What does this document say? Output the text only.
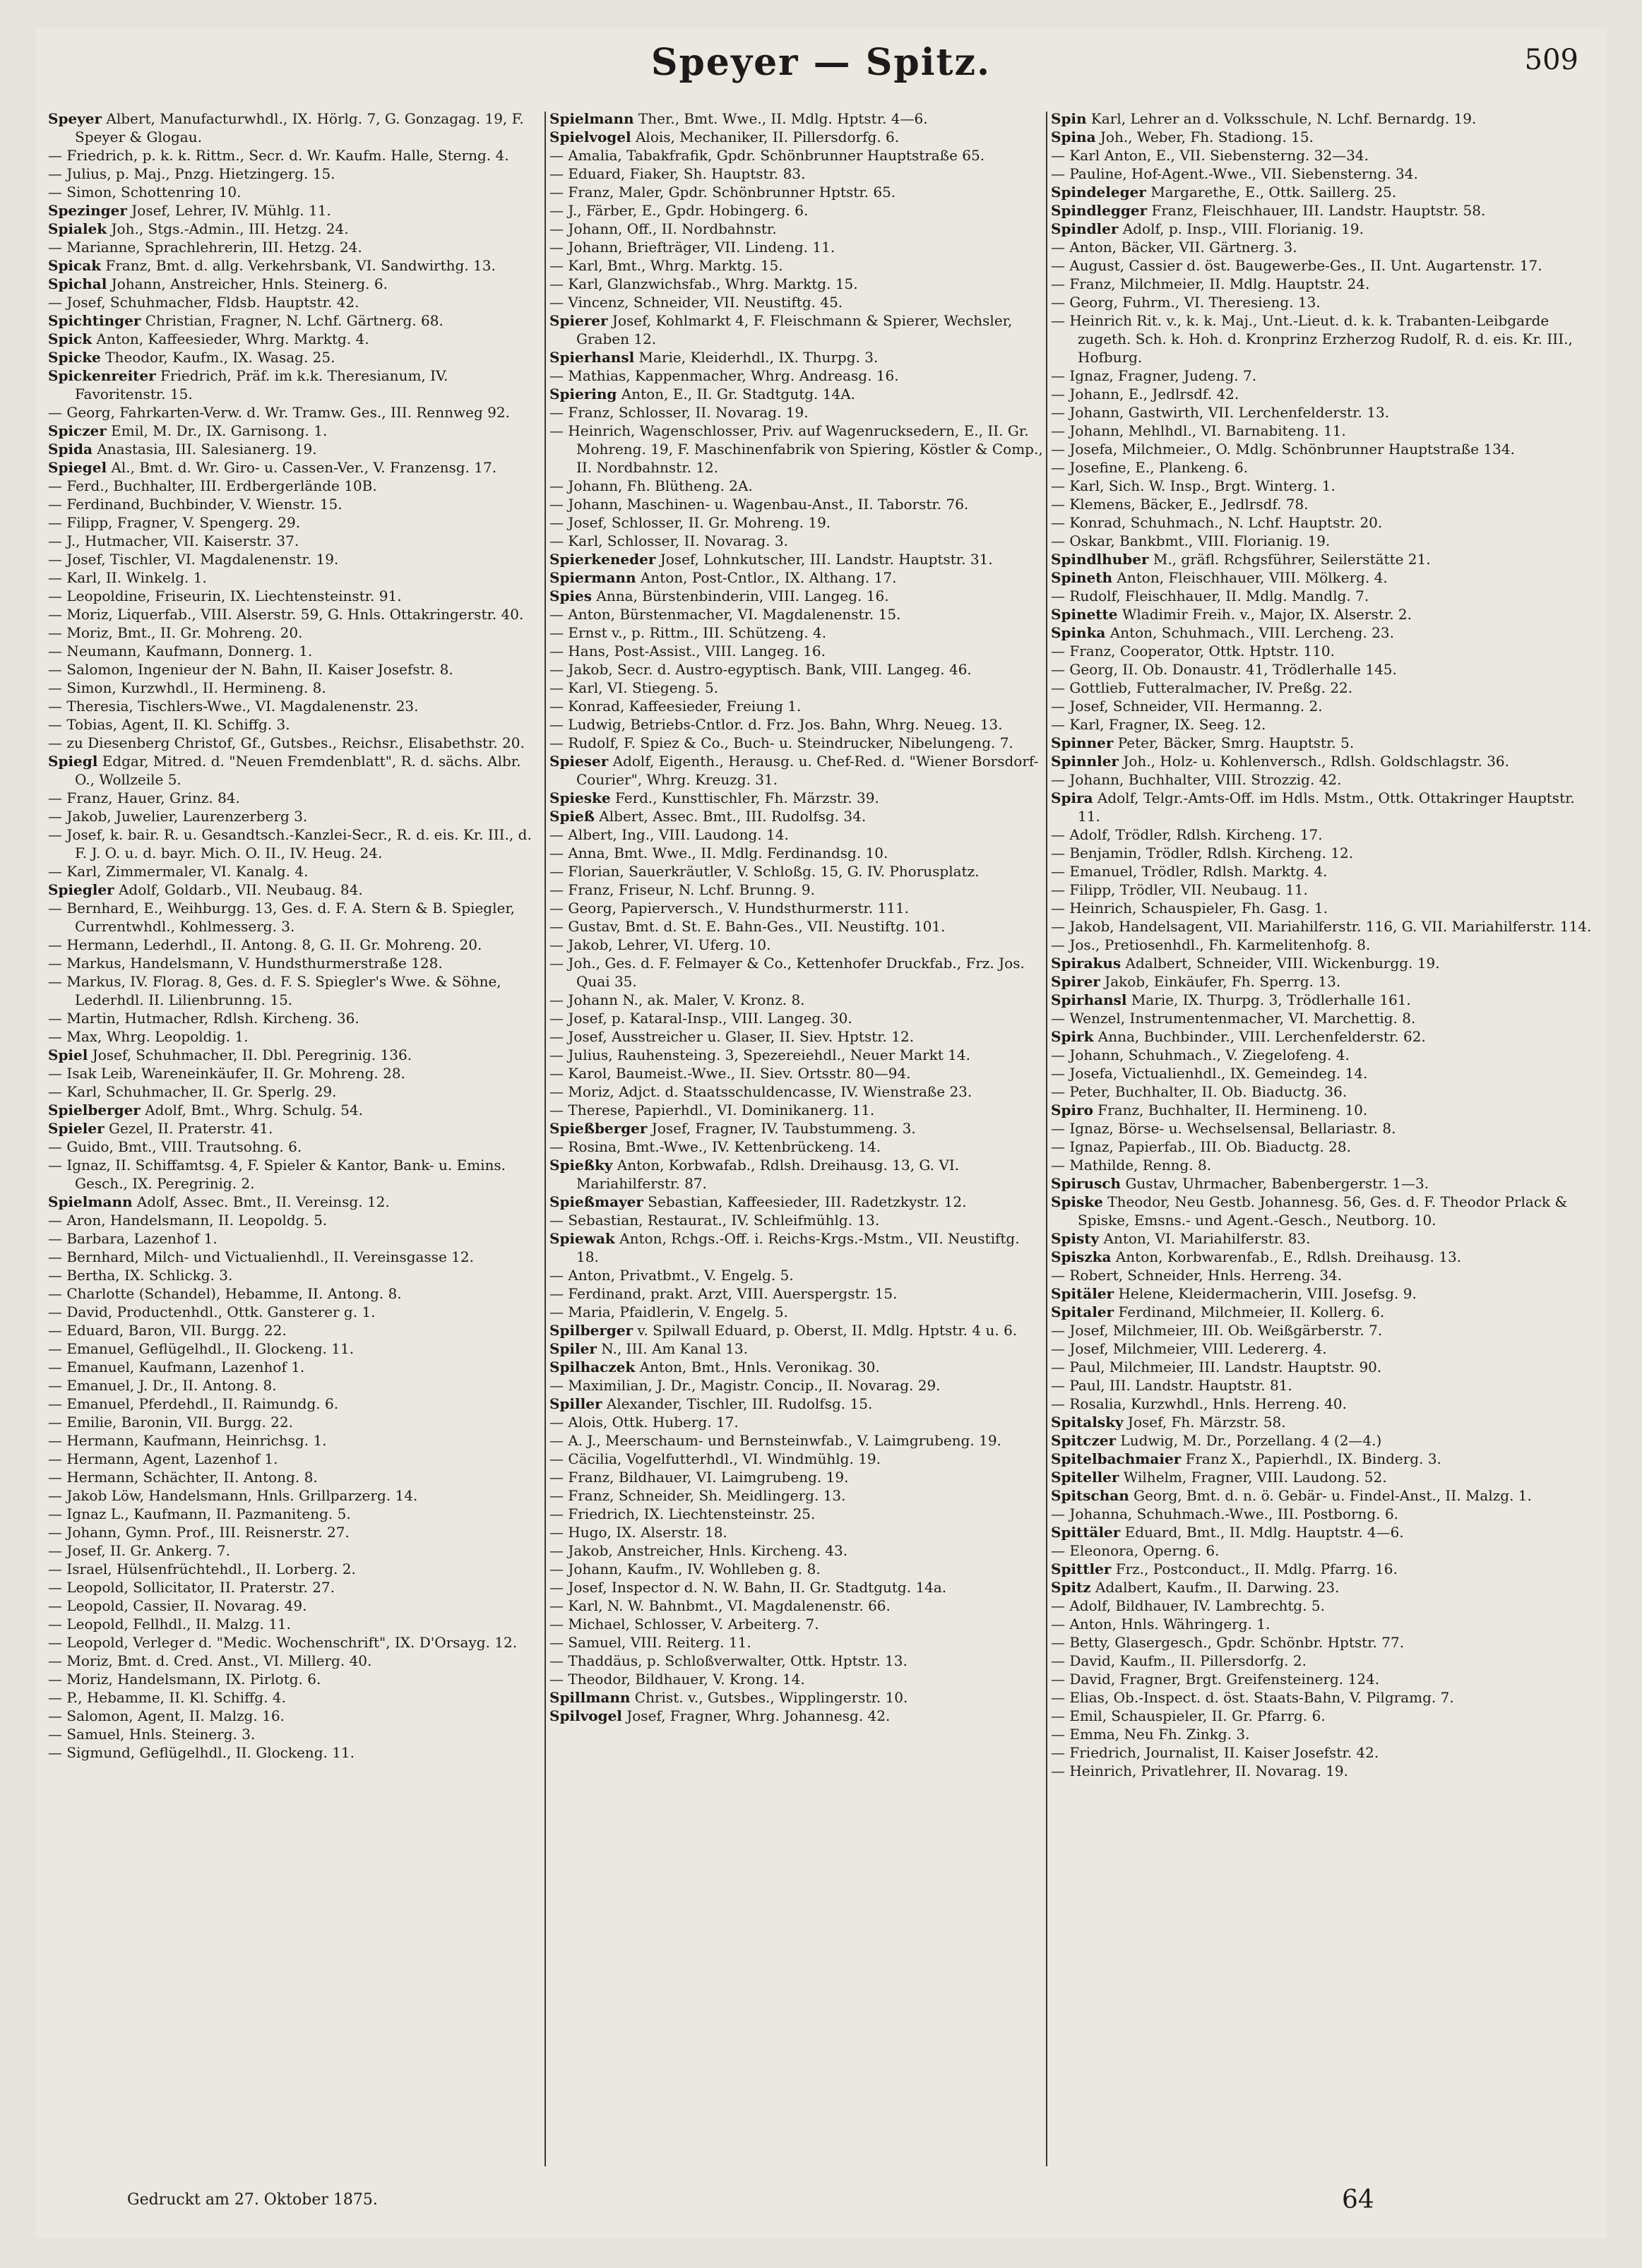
Speyer — Spitz.	509

Speyer Albert, Manufacturwhdl., IX. Hörlg. 7, G. Gonzagag. 19, F. Speyer & Glogau.

— Friedrich, p. k. k. Rittm., Secr. d. Wr. Kaufm. Halle, Sterng. 4.

— Julius, p. Maj., Pnzg. Hietzingerg. 15.

— Simon, Schottenring 10.

Spezinger Josef, Lehrer, IV. Mühlg. 11.

Spialek Joh., Stgs.-Admin., III. Hetzg. 24.

— Marianne, Sprachlehrerin, III. Hetzg. 24.

Spicak Franz, Bmt. d. allg. Verkehrsbank, VI. Sandwirthg. 13.

Spichal Johann, Anstreicher, Hnls. Steinerg. 6.

— Josef, Schuhmacher, Fldsb. Hauptstr. 42.

Spichtinger Christian, Fragner, N. Lchf. Gärtnerg. 68.

Spick Anton, Kaffeesieder, Whrg. Marktg. 4.

Spicke Theodor, Kaufm., IX. Wasag. 25.

Spickenreiter Friedrich, Präf. im k.k. Theresianum, IV. Favoritenstr. 15.

— Georg, Fahrkarten-Verw. d. Wr. Tramw. Ges., III. Rennweg 92.

Spiczer Emil, M. Dr., IX. Garnisong. 1.

Spida Anastasia, III. Salesianerg. 19.

Spiegel Al., Bmt. d. Wr. Giro- u. Cassen-Ver., V. Franzensg. 17.

— Ferd., Buchhalter, III. Erdbergerlände 10B.

— Ferdinand, Buchbinder, V. Wienstr. 15.

— Filipp, Fragner, V. Spengerg. 29.

— J., Hutmacher, VII. Kaiserstr. 37.

— Josef, Tischler, VI. Magdalenenstr. 19.

— Karl, II. Winkelg. 1.

— Leopoldine, Friseurin, IX. Liechtensteinstr. 91.

— Moriz, Liquerfab., VIII. Alserstr. 59, G. Hnls. Ottakringerstr. 40.

— Moriz, Bmt., II. Gr. Mohreng. 20.

— Neumann, Kaufmann, Donnerg. 1.

— Salomon, Ingenieur der N. Bahn, II. Kaiser Josefstr. 8.

— Simon, Kurzwhdl., II. Hermineng. 8.

— Theresia, Tischlers-Wwe., VI. Magdalenenstr. 23.

— Tobias, Agent, II. Kl. Schiffg. 3.

— zu Diesenberg Christof, Gf., Gutsbes., Reichsr., Elisabethstr. 20.

Spiegl Edgar, Mitred. d. "Neuen Fremdenblatt", R. d. sächs. Albr. O., Wollzeile 5.

— Franz, Hauer, Grinz. 84.

— Jakob, Juwelier, Laurenzerberg 3.

— Josef, k. bair. R. u. Gesandtsch.-Kanzlei-Secr., R. d. eis. Kr. III., d. F. J. O. u. d. bayr. Mich. O. II., IV. Heug. 24.

— Karl, Zimmermaler, VI. Kanalg. 4.

Spiegler Adolf, Goldarb., VII. Neubaug. 84.

— Bernhard, E., Weihburgg. 13, Ges. d. F. A. Stern & B. Spiegler, Currentwhdl., Kohlmesserg. 3.

— Hermann, Lederhdl., II. Antong. 8, G. II. Gr. Mohreng. 20.

— Markus, Handelsmann, V. Hundsthurmerstraße 128.

— Markus, IV. Florag. 8, Ges. d. F. S. Spiegler's Wwe. & Söhne, Lederhdl. II. Lilienbrunng. 15.

— Martin, Hutmacher, Rdlsh. Kircheng. 36.

— Max, Whrg. Leopoldig. 1.

Spiel Josef, Schuhmacher, II. Dbl. Peregrinig. 136.

— Isak Leib, Wareneinkäufer, II. Gr. Mohreng. 28.

— Karl, Schuhmacher, II. Gr. Sperlg. 29.

Spielberger Adolf, Bmt., Whrg. Schulg. 54.

Spieler Gezel, II. Praterstr. 41.

— Guido, Bmt., VIII. Trautsohng. 6.

— Ignaz, II. Schiffamtsg. 4, F. Spieler & Kantor, Bank- u. Emins. Gesch., IX. Peregrinig. 2.

Spielmann Adolf, Assec. Bmt., II. Vereinsg. 12.

— Aron, Handelsmann, II. Leopoldg. 5.

— Barbara, Lazenhof 1.

— Bernhard, Milch- und Victualienhdl., II. Vereinsgasse 12.

— Bertha, IX. Schlickg. 3.

— Charlotte (Schandel), Hebamme, II. Antong. 8.

— David, Productenhdl., Ottk. Gansterer g. 1.

— Eduard, Baron, VII. Burgg. 22.

— Emanuel, Geflügelhdl., II. Glockeng. 11.

— Emanuel, Kaufmann, Lazenhof 1.

— Emanuel, J. Dr., II. Antong. 8.

— Emanuel, Pferdehdl., II. Raimundg. 6.

— Emilie, Baronin, VII. Burgg. 22.

— Hermann, Kaufmann, Heinrichsg. 1.

— Hermann, Agent, Lazenhof 1.

— Hermann, Schächter, II. Antong. 8.

— Jakob Löw, Handelsmann, Hnls. Grillparzerg. 14.

— Ignaz L., Kaufmann, II. Pazmaniteng. 5.

— Johann, Gymn. Prof., III. Reisnerstr. 27.

— Josef, II. Gr. Ankerg. 7.

— Israel, Hülsenfrüchtehdl., II. Lorberg. 2.

— Leopold, Sollicitator, II. Praterstr. 27.

— Leopold, Cassier, II. Novarag. 49.

— Leopold, Fellhdl., II. Malzg. 11.

— Leopold, Verleger d. "Medic. Wochenschrift", IX. D'Orsayg. 12.

— Moriz, Bmt. d. Cred. Anst., VI. Millerg. 40.

— Moriz, Handelsmann, IX. Pirlotg. 6.

— P., Hebamme, II. Kl. Schiffg. 4.

— Salomon, Agent, II. Malzg. 16.

— Samuel, Hnls. Steinerg. 3.

— Sigmund, Geflügelhdl., II. Glockeng. 11.

Spielmann Ther., Bmt. Wwe., II. Mdlg. Hptstr. 4—6.

Spielvogel Alois, Mechaniker, II. Pillersdorfg. 6.

— Amalia, Tabakfrafik, Gpdr. Schönbrunner Hauptstraße 65.

— Eduard, Fiaker, Sh. Hauptstr. 83.

— Franz, Maler, Gpdr. Schönbrunner Hptstr. 65.

— J., Färber, E., Gpdr. Hobingerg. 6.

— Johann, Off., II. Nordbahnstr.

— Johann, Briefträger, VII. Lindeng. 11.

— Karl, Bmt., Whrg. Marktg. 15.

— Karl, Glanzwichsfab., Whrg. Marktg. 15.

— Vincenz, Schneider, VII. Neustiftg. 45.

Spierer Josef, Kohlmarkt 4, F. Fleischmann & Spierer, Wechsler, Graben 12.

Spierhansl Marie, Kleiderhdl., IX. Thurpg. 3.

— Mathias, Kappenmacher, Whrg. Andreasg. 16.

Spiering Anton, E., II. Gr. Stadtgutg. 14A.

— Franz, Schlosser, II. Novarag. 19.

— Heinrich, Wagenschlosser, Priv. auf Wagenrucksedern, E., II. Gr. Mohreng. 19, F. Maschinenfabrik von Spiering, Köstler & Comp., II. Nordbahnstr. 12.

— Johann, Fh. Blütheng. 2A.

— Johann, Maschinen- u. Wagenbau-Anst., II. Taborstr. 76.

— Josef, Schlosser, II. Gr. Mohreng. 19.

— Karl, Schlosser, II. Novarag. 3.

Spierkeneder Josef, Lohnkutscher, III. Landstr. Hauptstr. 31.

Spiermann Anton, Post-Cntlor., IX. Althang. 17.

Spies Anna, Bürstenbinderin, VIII. Langeg. 16.

— Anton, Bürstenmacher, VI. Magdalenenstr. 15.

— Ernst v., p. Rittm., III. Schützeng. 4.

— Hans, Post-Assist., VIII. Langeg. 16.

— Jakob, Secr. d. Austro-egyptisch. Bank, VIII. Langeg. 46.

— Karl, VI. Stiegeng. 5.

— Konrad, Kaffeesieder, Freiung 1.

— Ludwig, Betriebs-Cntlor. d. Frz. Jos. Bahn, Whrg. Neueg. 13.

— Rudolf, F. Spiez & Co., Buch- u. Steindrucker, Nibelungeng. 7.

Spieser Adolf, Eigenth., Herausg. u. Chef-Red. d. "Wiener Borsdorf-Courier", Whrg. Kreuzg. 31.

Spieske Ferd., Kunsttischler, Fh. Märzstr. 39.

Spieß Albert, Assec. Bmt., III. Rudolfsg. 34.

— Albert, Ing., VIII. Laudong. 14.

— Anna, Bmt. Wwe., II. Mdlg. Ferdinandsg. 10.

— Florian, Sauerkräutler, V. Schloßg. 15, G. IV. Phorusplatz.

— Franz, Friseur, N. Lchf. Brunng. 9.

— Georg, Papierversch., V. Hundsthurmerstr. 111.

— Gustav, Bmt. d. St. E. Bahn-Ges., VII. Neustiftg. 101.

— Jakob, Lehrer, VI. Uferg. 10.

— Joh., Ges. d. F. Felmayer & Co., Kettenhofer Druckfab., Frz. Jos. Quai 35.

— Johann N., ak. Maler, V. Kronz. 8.

— Josef, p. Kataral-Insp., VIII. Langeg. 30.

— Josef, Ausstreicher u. Glaser, II. Siev. Hptstr. 12.

— Julius, Rauhensteing. 3, Spezereiehdl., Neuer Markt 14.

— Karol, Baumeist.-Wwe., II. Siev. Ortsstr. 80—94.

— Moriz, Adjct. d. Staatsschuldencasse, IV. Wienstraße 23.

— Therese, Papierhdl., VI. Dominikanerg. 11.

Spießberger Josef, Fragner, IV. Taubstummeng. 3.

— Rosina, Bmt.-Wwe., IV. Kettenbrückeng. 14.

Spießky Anton, Korbwafab., Rdlsh. Dreihausg. 13, G. VI. Mariahilferstr. 87.

Spießmayer Sebastian, Kaffeesieder, III. Radetzkystr. 12.

— Sebastian, Restaurat., IV. Schleifmühlg. 13.

Spiewak Anton, Rchgs.-Off. i. Reichs-Krgs.-Mstm., VII. Neustiftg. 18.

— Anton, Privatbmt., V. Engelg. 5.

— Ferdinand, prakt. Arzt, VIII. Auerspergstr. 15.

— Maria, Pfaidlerin, V. Engelg. 5.

Spilberger v. Spilwall Eduard, p. Oberst, II. Mdlg. Hptstr. 4 u. 6.

Spiler N., III. Am Kanal 13.

Spilhaczek Anton, Bmt., Hnls. Veronikag. 30.

— Maximilian, J. Dr., Magistr. Concip., II. Novarag. 29.

Spiller Alexander, Tischler, III. Rudolfsg. 15.

— Alois, Ottk. Huberg. 17.

— A. J., Meerschaum- und Bernsteinwfab., V. Laimgrubeng. 19.

— Cäcilia, Vogelfutterhdl., VI. Windmühlg. 19.

— Franz, Bildhauer, VI. Laimgrubeng. 19.

— Franz, Schneider, Sh. Meidlingerg. 13.

— Friedrich, IX. Liechtensteinstr. 25.

— Hugo, IX. Alserstr. 18.

— Jakob, Anstreicher, Hnls. Kircheng. 43.

— Johann, Kaufm., IV. Wohlleben g. 8.

— Josef, Inspector d. N. W. Bahn, II. Gr. Stadtgutg. 14a.

— Karl, N. W. Bahnbmt., VI. Magdalenenstr. 66.

— Michael, Schlosser, V. Arbeiterg. 7.

— Samuel, VIII. Reiterg. 11.

— Thaddäus, p. Schloßverwalter, Ottk. Hptstr. 13.

— Theodor, Bildhauer, V. Krong. 14.

Spillmann Christ. v., Gutsbes., Wipplingerstr. 10.

Spilvogel Josef, Fragner, Whrg. Johannesg. 42.

Spin Karl, Lehrer an d. Volksschule, N. Lchf. Bernardg. 19.

Spina Joh., Weber, Fh. Stadiong. 15.

— Karl Anton, E., VII. Siebensterng. 32—34.

— Pauline, Hof-Agent.-Wwe., VII. Siebensterng. 34.

Spindeleger Margarethe, E., Ottk. Saillerg. 25.

Spindlegger Franz, Fleischhauer, III. Landstr. Hauptstr. 58.

Spindler Adolf, p. Insp., VIII. Florianig. 19.

— Anton, Bäcker, VII. Gärtnerg. 3.

— August, Cassier d. öst. Baugewerbe-Ges., II. Unt. Augartenstr. 17.

— Franz, Milchmeier, II. Mdlg. Hauptstr. 24.

— Georg, Fuhrm., VI. Theresieng. 13.

— Heinrich Rit. v., k. k. Maj., Unt.-Lieut. d. k. k. Trabanten-Leibgarde zugeth. Sch. k. Hoh. d. Kronprinz Erzherzog Rudolf, R. d. eis. Kr. III., Hofburg.

— Ignaz, Fragner, Judeng. 7.

— Johann, E., Jedlrsdf. 42.

— Johann, Gastwirth, VII. Lerchenfelderstr. 13.

— Johann, Mehlhdl., VI. Barnabiteng. 11.

— Josefa, Milchmeier., O. Mdlg. Schönbrunner Hauptstraße 134.

— Josefine, E., Plankeng. 6.

— Karl, Sich. W. Insp., Brgt. Winterg. 1.

— Klemens, Bäcker, E., Jedlrsdf. 78.

— Konrad, Schuhmach., N. Lchf. Hauptstr. 20.

— Oskar, Bankbmt., VIII. Florianig. 19.

Spindlhuber M., gräfl. Rchgsführer, Seilerstätte 21.

Spineth Anton, Fleischhauer, VIII. Mölkerg. 4.

— Rudolf, Fleischhauer, II. Mdlg. Mandlg. 7.

Spinette Wladimir Freih. v., Major, IX. Alserstr. 2.

Spinka Anton, Schuhmach., VIII. Lercheng. 23.

— Franz, Cooperator, Ottk. Hptstr. 110.

— Georg, II. Ob. Donaustr. 41, Trödlerhalle 145.

— Gottlieb, Futteralmacher, IV. Preßg. 22.

— Josef, Schneider, VII. Hermanng. 2.

— Karl, Fragner, IX. Seeg. 12.

Spinner Peter, Bäcker, Smrg. Hauptstr. 5.

Spinnler Joh., Holz- u. Kohlenversch., Rdlsh. Goldschlagstr. 36.

— Johann, Buchhalter, VIII. Strozzig. 42.

Spira Adolf, Telgr.-Amts-Off. im Hdls. Mstm., Ottk. Ottakringer Hauptstr. 11.

— Adolf, Trödler, Rdlsh. Kircheng. 17.

— Benjamin, Trödler, Rdlsh. Kircheng. 12.

— Emanuel, Trödler, Rdlsh. Marktg. 4.

— Filipp, Trödler, VII. Neubaug. 11.

— Heinrich, Schauspieler, Fh. Gasg. 1.

— Jakob, Handelsagent, VII. Mariahilferstr. 116, G. VII. Mariahilferstr. 114.

— Jos., Pretiosenhdl., Fh. Karmelitenhofg. 8.

Spirakus Adalbert, Schneider, VIII. Wickenburgg. 19.

Spirer Jakob, Einkäufer, Fh. Sperrg. 13.

Spirhansl Marie, IX. Thurpg. 3, Trödlerhalle 161.

— Wenzel, Instrumentenmacher, VI. Marchettig. 8.

Spirk Anna, Buchbinder., VIII. Lerchenfelderstr. 62.

— Johann, Schuhmach., V. Ziegelofeng. 4.

— Josefa, Victualienhdl., IX. Gemeindeg. 14.

— Peter, Buchhalter, II. Ob. Biaductg. 36.

Spiro Franz, Buchhalter, II. Hermineng. 10.

— Ignaz, Börse- u. Wechselsensal, Bellariastr. 8.

— Ignaz, Papierfab., III. Ob. Biaductg. 28.

— Mathilde, Renng. 8.

Spirusch Gustav, Uhrmacher, Babenbergerstr. 1—3.

Spiske Theodor, Neu Gestb. Johannesg. 56, Ges. d. F. Theodor Prlack & Spiske, Emsns.- und Agent.-Gesch., Neutborg. 10.

Spisty Anton, VI. Mariahilferstr. 83.

Spiszka Anton, Korbwarenfab., E., Rdlsh. Dreihausg. 13.

— Robert, Schneider, Hnls. Herreng. 34.

Spitäler Helene, Kleidermacherin, VIII. Josefsg. 9.

Spitaler Ferdinand, Milchmeier, II. Kollerg. 6.

— Josef, Milchmeier, III. Ob. Weißgärberstr. 7.

— Josef, Milchmeier, VIII. Ledererg. 4.

— Paul, Milchmeier, III. Landstr. Hauptstr. 90.

— Paul, III. Landstr. Hauptstr. 81.

— Rosalia, Kurzwhdl., Hnls. Herreng. 40.

Spitalsky Josef, Fh. Märzstr. 58.

Spitczer Ludwig, M. Dr., Porzellang. 4 (2—4.)

Spitelbachmaier Franz X., Papierhdl., IX. Binderg. 3.

Spiteller Wilhelm, Fragner, VIII. Laudong. 52.

Spitschan Georg, Bmt. d. n. ö. Gebär- u. Findel-Anst., II. Malzg. 1.

— Johanna, Schuhmach.-Wwe., III. Postborng. 6.

Spittäler Eduard, Bmt., II. Mdlg. Hauptstr. 4—6.

— Eleonora, Operng. 6.

Spittler Frz., Postconduct., II. Mdlg. Pfarrg. 16.

Spitz Adalbert, Kaufm., II. Darwing. 23.

— Adolf, Bildhauer, IV. Lambrechtg. 5.

— Anton, Hnls. Währingerg. 1.

— Betty, Glasergesch., Gpdr. Schönbr. Hptstr. 77.

— David, Kaufm., II. Pillersdorfg. 2.

— David, Fragner, Brgt. Greifensteinerg. 124.

— Elias, Ob.-Inspect. d. öst. Staats-Bahn, V. Pilgramg. 7.

— Emil, Schauspieler, II. Gr. Pfarrg. 6.

— Emma, Neu Fh. Zinkg. 3.

— Friedrich, Journalist, II. Kaiser Josefstr. 42.

— Heinrich, Privatlehrer, II. Novarag. 19.

Gedruckt am 27. Oktober 1875.	64
